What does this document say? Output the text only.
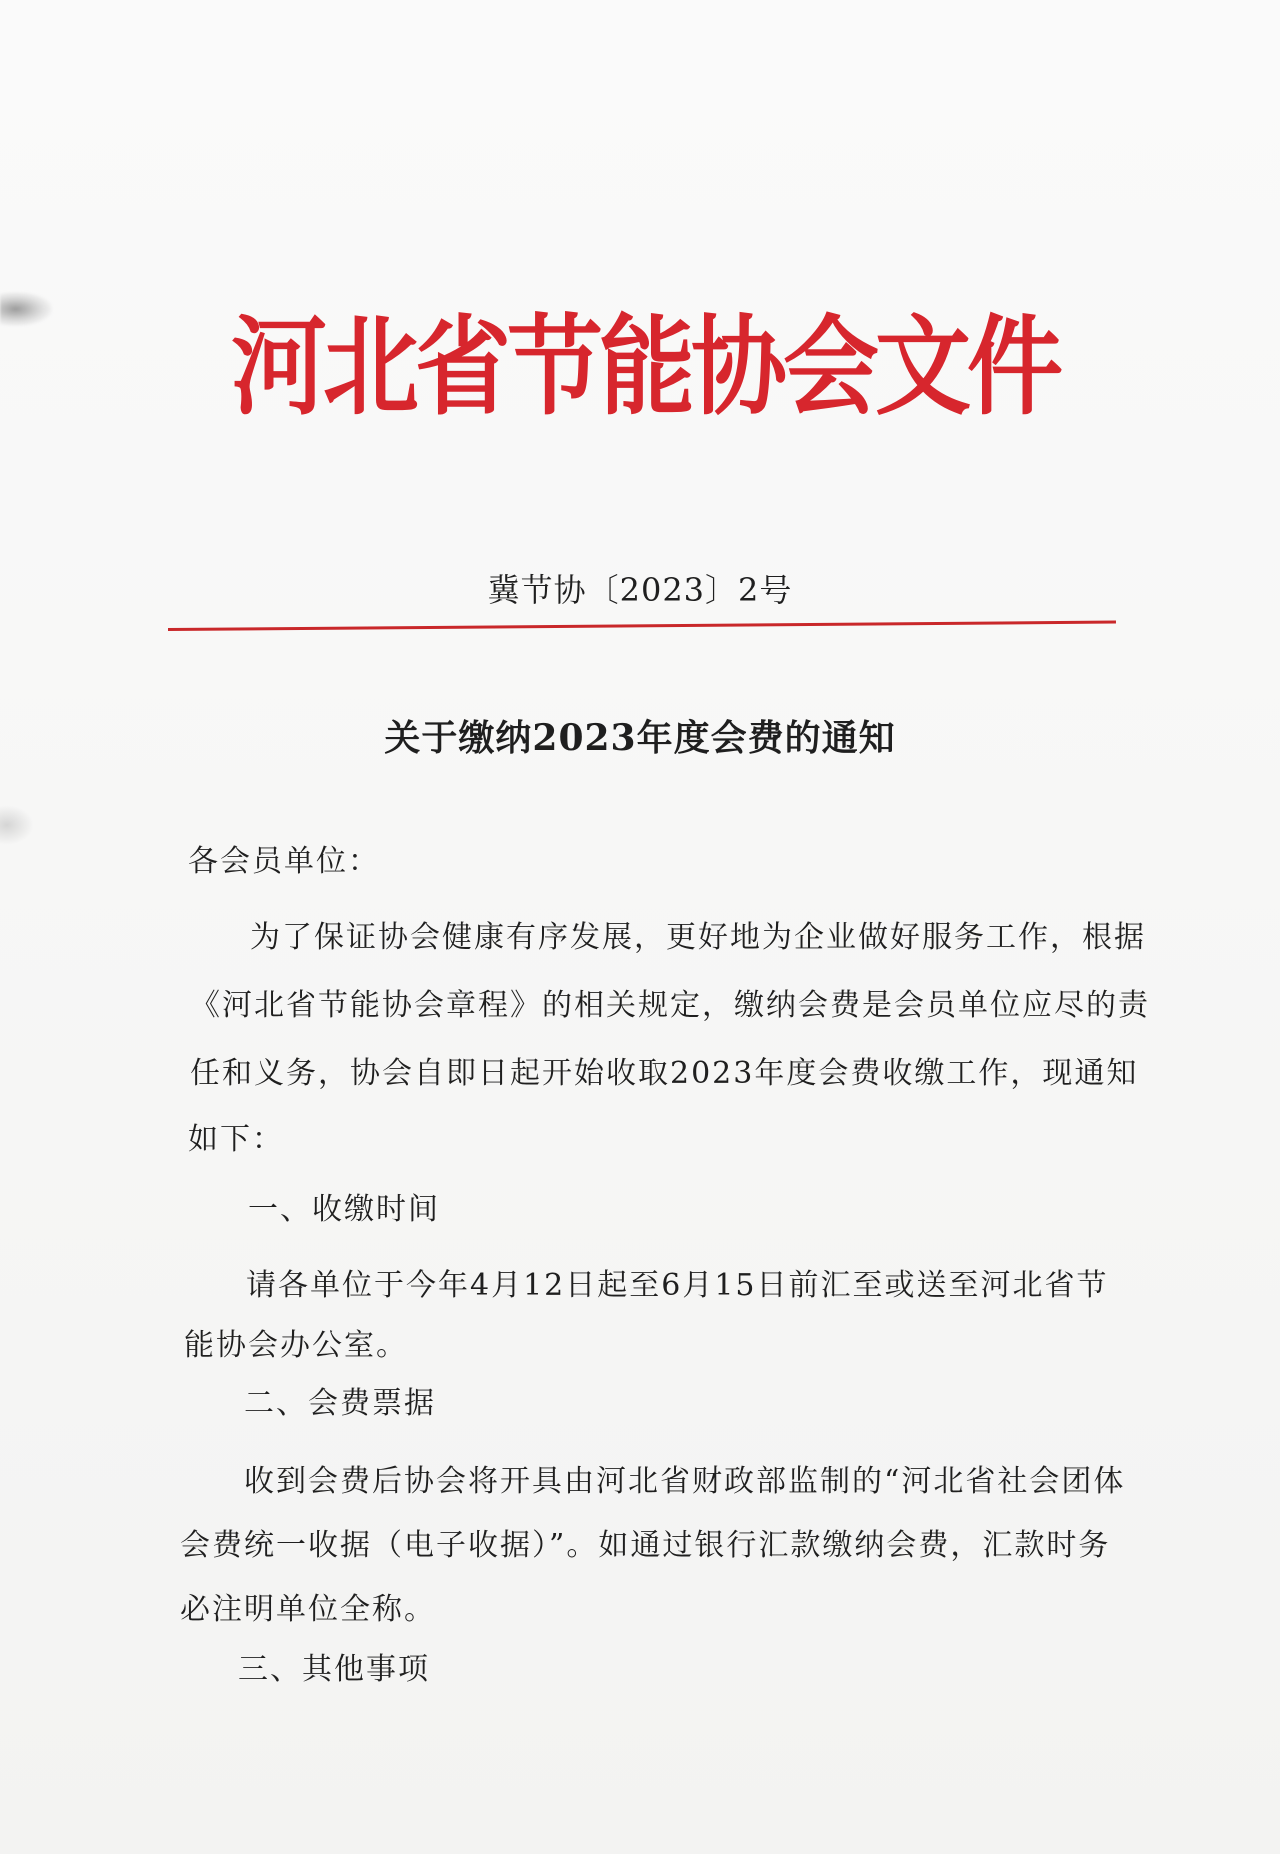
河北省节能协会文件
冀节协〔2023〕2号
关于缴纳2023年度会费的通知
各会员单位：
为了保证协会健康有序发展，更好地为企业做好服务工作，根据
《河北省节能协会章程》的相关规定，缴纳会费是会员单位应尽的责
任和义务，协会自即日起开始收取2023年度会费收缴工作，现通知
如下：
一、收缴时间
请各单位于今年4月12日起至6月15日前汇至或送至河北省节
能协会办公室。
二、会费票据
收到会费后协会将开具由河北省财政部监制的“河北省社会团体
会费统一收据（电子收据）”。如通过银行汇款缴纳会费，汇款时务
必注明单位全称。
三、其他事项
